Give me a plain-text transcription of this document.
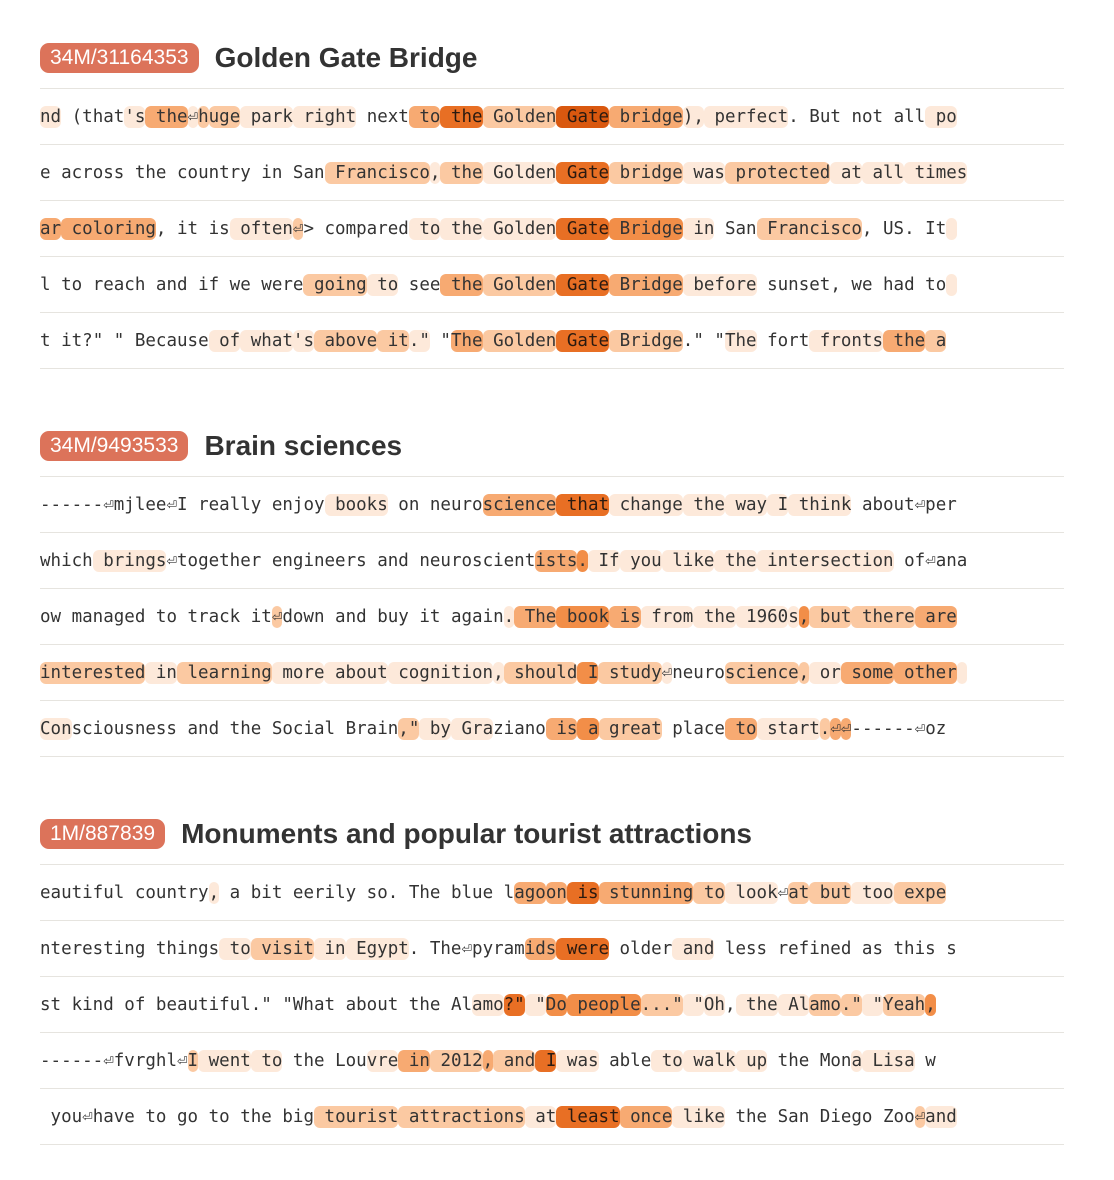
34M/31164353 Golden Gate Bridge
nd (that's the⏎huge park right next to the Golden Gate bridge), perfect. But not all po
e across the country in San Francisco, the Golden Gate bridge was protected at all times
ar coloring, it is often⏎> compared to the Golden Gate Bridge in San Francisco, US. It
l to reach and if we were going to see the Golden Gate Bridge before sunset, we had to
t it?" " Because of what's above it." "The Golden Gate Bridge." "The fort fronts the a
34M/9493533 Brain sciences
------⏎mjlee⏎I really enjoy books on neuroscience that change the way I think about⏎per
which brings⏎together engineers and neuroscientists. If you like the intersection of⏎ana
ow managed to track it⏎down and buy it again. The book is from the 1960s, but there are
interested in learning more about cognition, should I study⏎neuroscience, or some other
Consciousness and the Social Brain," by Graziano is a great place to start.⏎⏎------⏎oz
1M/887839 Monuments and popular tourist attractions
eautiful country, a bit eerily so. The blue lagoon is stunning to look⏎at but too expe
nteresting things to visit in Egypt. The⏎pyramids were older and less refined as this s
st kind of beautiful." "What about the Alamo?" "Do people..." "Oh, the Alamo." "Yeah,
------⏎fvrghl⏎I went to the Louvre in 2012, and I was able to walk up the Mona Lisa w
you⏎have to go to the big tourist attractions at least once like the San Diego Zoo⏎and
